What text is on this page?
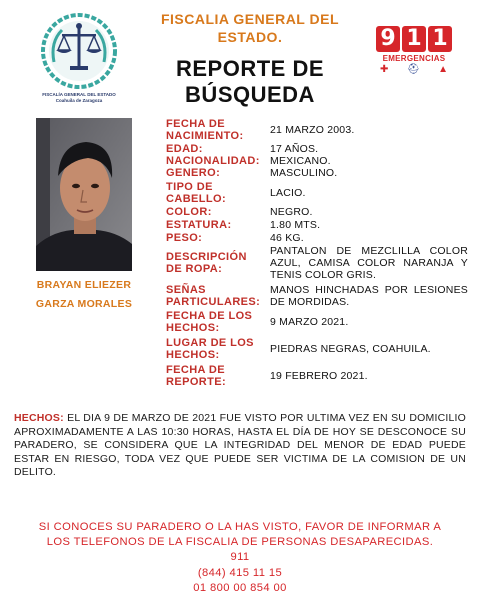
FISCALÍA GENERAL DEL ESTADO
Coahuila de Zaragoza
FISCALIA GENERAL DEL
ESTADO.
REPORTE DE
BÚSQUEDA
9 1 1
EMERGENCIAS
✚ ⛑ ▲
BRAYAN ELIEZER
GARZA MORALES
FECHA DE NACIMIENTO:	21 MARZO 2003.
EDAD:	17 AÑOS.
NACIONALIDAD: MEXICANO.
GENERO:	MASCULINO.
TIPO DE CABELLO:	LACIO.
COLOR:	NEGRO.
ESTATURA:	1.80 MTS.
PESO:	46 KG.
DESCRIPCIÓN DE ROPA:
PANTALON DE MEZCLILLA COLOR AZUL, CAMISA COLOR NARANJA Y TENIS COLOR GRIS.
SEÑAS PARTICULARES:
MANOS HINCHADAS POR LESIONES DE MORDIDAS.
FECHA DE LOS HECHOS:	9 MARZO 2021.
LUGAR DE LOS HECHOS:	PIEDRAS NEGRAS, COAHUILA.
FECHA DE REPORTE:	19 FEBRERO 2021.
HECHOS: EL DIA 9 DE MARZO DE 2021 FUE VISTO POR ULTIMA VEZ EN SU DOMICILIO APROXIMADAMENTE A LAS 10:30 HORAS, HASTA EL DÍA DE HOY SE DESCONOCE SU PARADERO, SE CONSIDERA QUE LA INTEGRIDAD DEL MENOR DE EDAD PUEDE ESTAR EN RIESGO, TODA VEZ QUE PUEDE SER VICTIMA DE LA COMISION DE UN DELITO.
SI CONOCES SU PARADERO O LA HAS VISTO, FAVOR DE INFORMAR A
LOS TELEFONOS DE LA FISCALIA DE PERSONAS DESAPARECIDAS.
911
(844) 415 11 15
01 800 00 854 00
